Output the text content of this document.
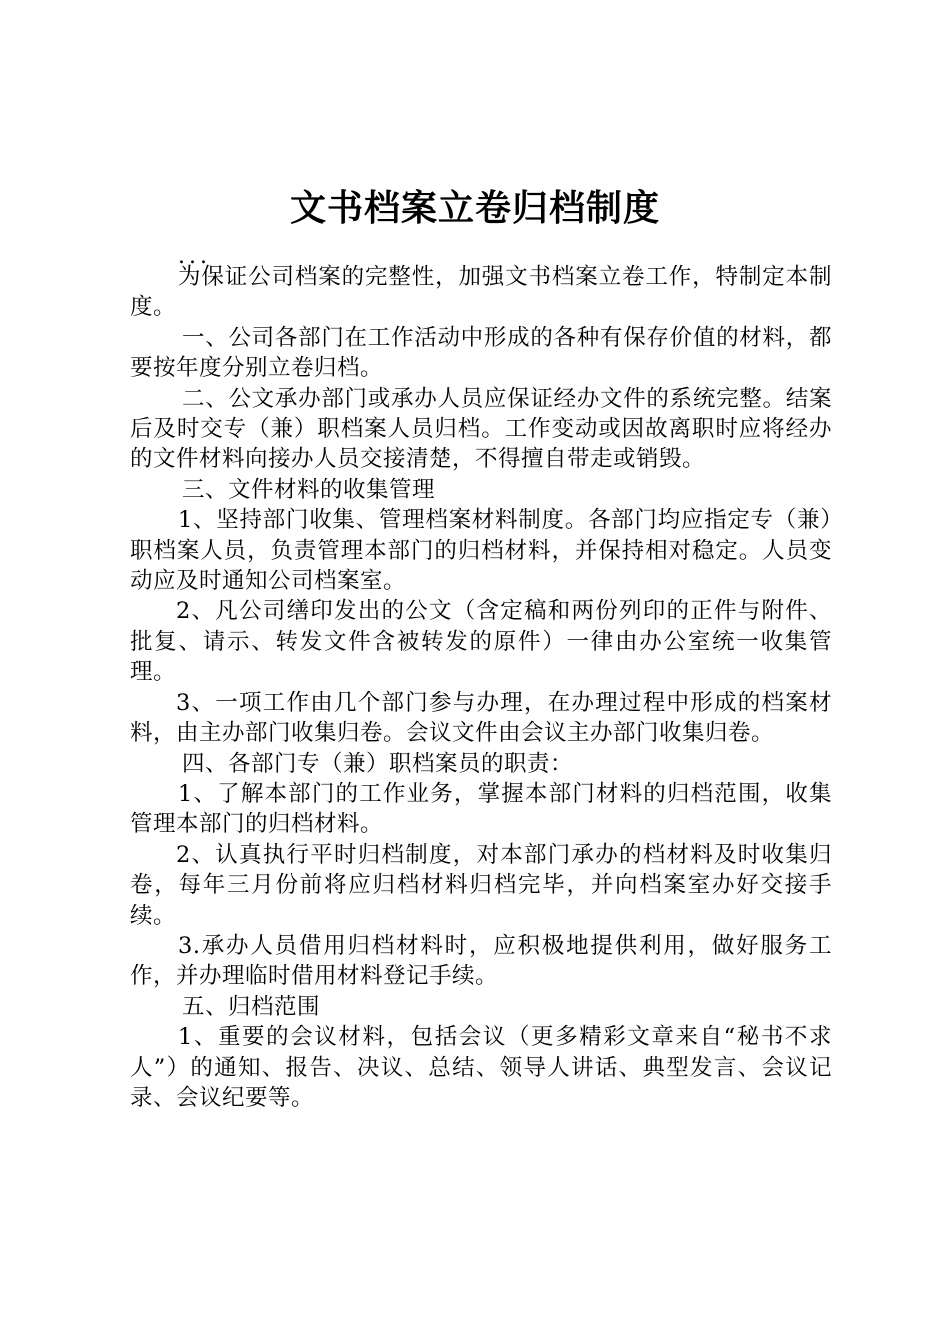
文书档案立卷归档制度
...

为保证公司档案的完整性，加强文书档案立卷工作，特制定本制度。

一、公司各部门在工作活动中形成的各种有保存价值的材料，都要按年度分别立卷归档。

二、公文承办部门或承办人员应保证经办文件的系统完整。结案后及时交专（兼）职档案人员归档。工作变动或因故离职时应将经办的文件材料向接办人员交接清楚，不得擅自带走或销毁。

三、文件材料的收集管理

1、坚持部门收集、管理档案材料制度。各部门均应指定专（兼）职档案人员，负责管理本部门的归档材料，并保持相对稳定。人员变动应及时通知公司档案室。

2、凡公司缮印发出的公文（含定稿和两份列印的正件与附件、批复、请示、转发文件含被转发的原件）一律由办公室统一收集管理。

3、一项工作由几个部门参与办理，在办理过程中形成的档案材料，由主办部门收集归卷。会议文件由会议主办部门收集归卷。

四、各部门专（兼）职档案员的职责：

1、了解本部门的工作业务，掌握本部门材料的归档范围，收集管理本部门的归档材料。

2、认真执行平时归档制度，对本部门承办的档材料及时收集归卷，每年三月份前将应归档材料归档完毕，并向档案室办好交接手续。

3.承办人员借用归档材料时，应积极地提供利用，做好服务工作，并办理临时借用材料登记手续。

五、归档范围

1、重要的会议材料，包括会议（更多精彩文章来自“秘书不求人”）的通知、报告、决议、总结、领导人讲话、典型发言、会议记录、会议纪要等。
